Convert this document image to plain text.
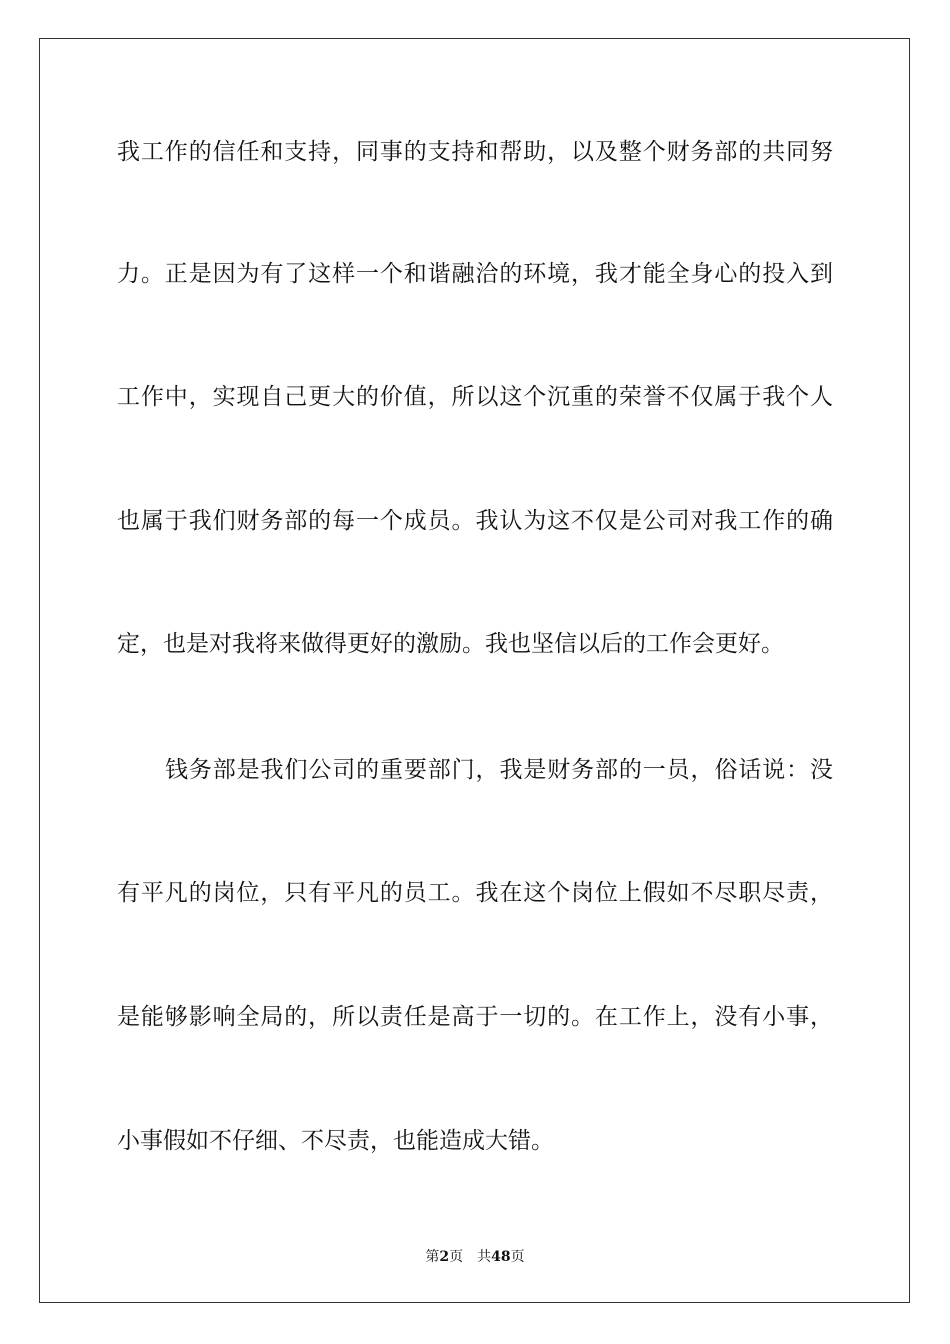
我工作的信任和支持，同事的支持和帮助，以及整个财务部的共同努
力。正是因为有了这样一个和谐融洽的环境，我才能全身心的投入到
工作中，实现自己更大的价值，所以这个沉重的荣誉不仅属于我个人
也属于我们财务部的每一个成员。我认为这不仅是公司对我工作的确
定，也是对我将来做得更好的激励。我也坚信以后的工作会更好。
钱务部是我们公司的重要部门，我是财务部的一员，俗话说：没
有平凡的岗位，只有平凡的员工。我在这个岗位上假如不尽职尽责，
是能够影响全局的，所以责任是高于一切的。在工作上，没有小事，
小事假如不仔细、不尽责，也能造成大错。
第2页 共48页
